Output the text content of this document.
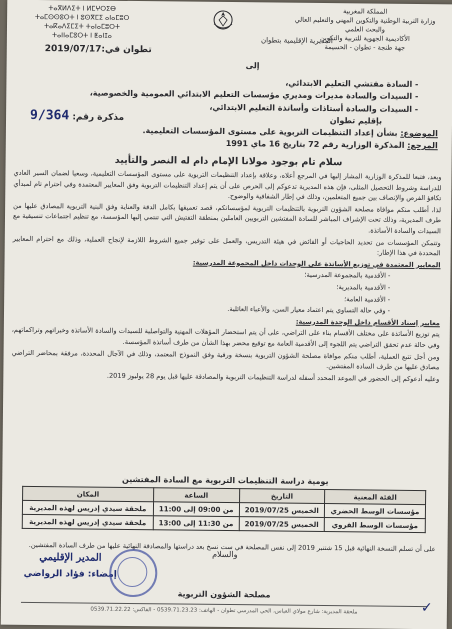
المملكة المغربية
وزارة التربية الوطنية والتكوين المهني والتعليم العالي والبحث العلمي
الأكاديمية الجهوية للتربية والتكوين
جهة طنجة - تطوان - الحسيمة
ⵜⴰⴳⵍⴷⵉⵜ ⵏ ⵍⵎⵖⵔⵉⴱ
ⵜⴰⵎⵙⵙⵓⵔⵜ ⵏ ⵓⵙⴳⵎⵉ ⴰⵏⴰⵎⵓⵔ
ⵜⴰⴽⴰⴷⵉⵎⵉⵜ ⵜⴰⵏⴰⵎⵓⵔⵜ
ⵜⴰⵏⵏⴰⵎⵓⵔⵜ ⵏ ⵟⴰⵏⵊⴰ
المديرية الإقليمية بتطوان
تطوان في:2019/07/17
إلى
- السادة مفتشي التعليم الابتدائي،
- السيدات والسادة مديرات ومديري مؤسسات التعليم الابتدائي العمومية والخصوصية،
- السيدات والسادة أستاذات وأساتذة التعليم الابتدائي،
بإقليم تطوان
مذكرة رقم: 9/364
الموضوع: بشأن إعداد التنظيمات التربوية على مستوى المؤسسات التعليمية.
المرجع: المذكرة الوزارية رقم 72 بتاريخ 16 ماي 1991
سلام تام بوجود مولانا الإمام دام له النصر والتأييد

وبعد، فتبعا للمذكرة الوزارية المشار إليها في المرجع أعلاه، وعلاقة بإعداد التنظيمات التربوية على مستوى المؤسسات التعليمية، وسعيا لضمان السير العادي للدراسة وشروط التحصيل المثلى، فإن هذه المديرية تدعوكم إلى الحرص على أن يتم إعداد التنظيمات التربوية وفق المعايير المعتمدة وفي احترام تام لمبدأي تكافؤ الفرص والإنصاف بين جميع المتعلمين، وذلك في إطار الشفافية والوضوح.

لذا، أطلب منكم موافاة مصلحة الشؤون التربوية بالتنظيمات التربوية لمؤسساتكم، قصد تعميقها بكامل الدقة والعناية وفق البنية التربوية المصادق عليها من طرف المديرية، وذلك تحت الإشراف المباشر للسادة المفتشين التربويين العاملين بمنطقة التفتيش التي تنتمي إليها المؤسسة، مع تنظيم اجتماعات تنسيقية مع السيدات والسادة الأساتذة.

وتتمكن المؤسسات من تحديد الحاجيات أو الفائض في هيئة التدريس، والعمل على توفير جميع الشروط اللازمة لإنجاح العملية، وذلك مع احترام المعايير المحددة في هذا الإطار:

المعايير المعتمدة في توزيع الأساتذة على الوحدات داخل المجموعة المدرسية:

- الأقدمية بالمجموعة المدرسية؛

- الأقدمية بالمديرية؛

- الأقدمية العامة؛

- وفي حالة التساوي يتم اعتماد معيار السن، والأعباء العائلية.

معايير إسناد الأقسام داخل الوحدة المدرسية:

يتم توزيع الأساتذة على مختلف الأقسام بناء على التراضي، على أن يتم استحضار المؤهلات المهنية والتواصلية للسيدات والسادة الأساتذة وخبراتهم وتراكماتهم، وفي حالة عدم تحقق التراضي يتم اللجوء إلى الأقدمية العامة مع توقيع محضر بهذا الشأن من طرف أساتذة المؤسسة.

ومن أجل تتبع العملية، أطلب منكم موافاة مصلحة الشؤون التربوية بنسخة ورقية وفق النموذج المعتمد، وذلك في الآجال المحددة، مرفقة بمحاضر التراضي مصادق عليها من طرف السادة المفتشين.

وعليه أدعوكم إلى الحضور في الموعد المحدد أسفله لدراسة التنظيمات التربوية والمصادقة عليها قبل يوم 28 يوليوز 2019.

يومية دراسة التنظيمات التربوية مع السادة المفتشين
الفئة المعنية	التاريخ	الساعة	المكان
مؤسسات الوسط الحضري	الخميس 2019/07/25	من 09:00 إلى 11:00	ملحقة سيدي إدريس لهذه المديرية
مؤسسات الوسط القروي	الخميس 2019/07/25	من 11:30 إلى 13:00	ملحقة سيدي إدريس لهذه المديرية
على أن تسلم النسخة النهائية قبل 15 شتنبر 2019 إلى نفس المصلحة في ست نسخ بعد دراستها والمصادقة النهائية عليها من طرف السادة المفتشين.
والسلام
المدير الإقليمي
إمضاء: فؤاد الرواضي
مصلحة الشؤون التربوية
ملحقة المديرية: شارع مولاي العباس، الحي المدرسي تطوان - الهاتف: 0539.71.23.23 - الفاكس: 0539.71.22.22	✓
